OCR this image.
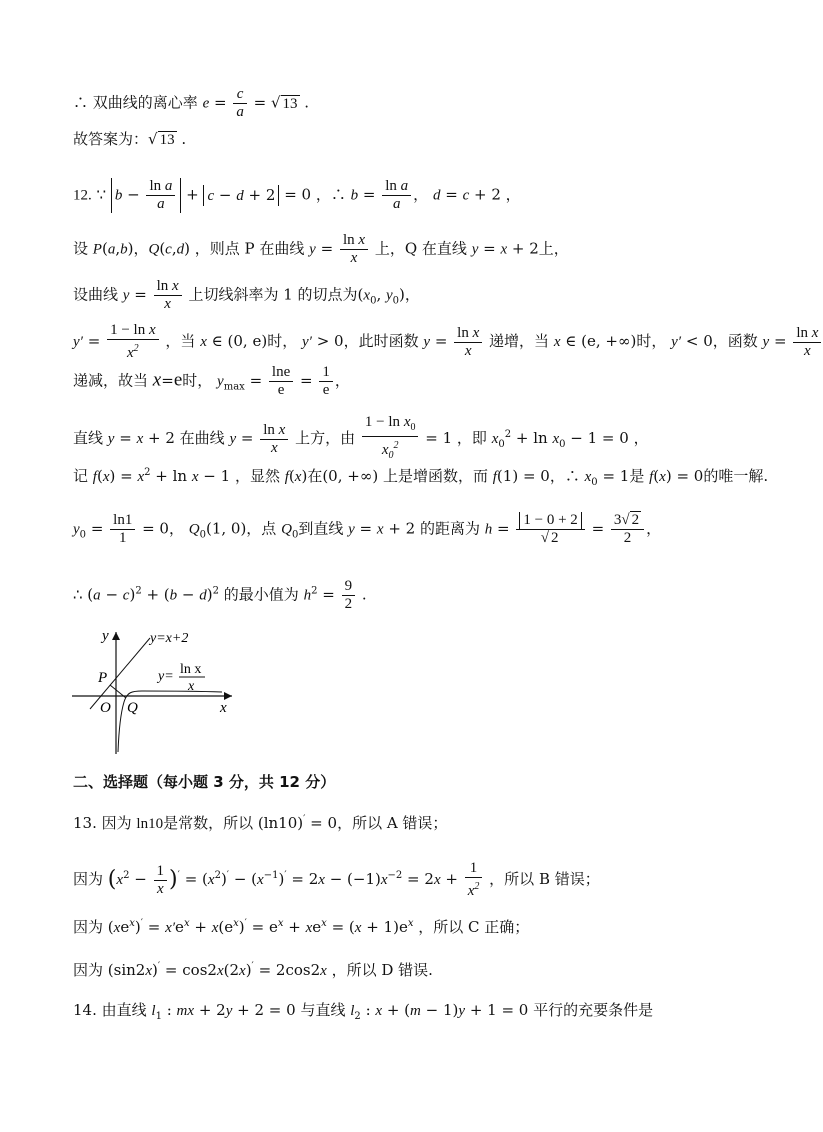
∴ 双曲线的离心率 $e = \frac{c}{a}$ = √ 13 .
故答案为：√ 13 .
12. ∵ $b - \frac{\text{ln a}}{a} + c - d + 2 = 0$ ，∴ $b = \frac{\text{ln a}}{a}$ ， d = c + 2 ，
设 P(a,b)，Q(c,d) ，则点 P 在曲线 $y = \frac{\text{ln x}}{x}$ 上，Q 在直线 y = x + 2上，
设曲线 $y = \frac{\text{ln x}}{x}$ 上切线斜率为 1 的切点为($x_0$, $y_0$)，
$y' = \frac{\text{1 − ln x}}{x^2}$ ，当 x ∈ (0, e)时， y′ > 0，此时函数 $y = \frac{\text{ln x}}{x}$ 递增，当 x ∈ (e, +∞)时， y′ < 0，函数 $y = \frac{\text{ln x}}{x}$
递减，故当 x=e时， $y_{max} = \frac{\ln e}{e} = \frac{1}{e}$ ，
直线 y = x + 2 在曲线 $y = \frac{\text{ln x}}{x}$ 上方，由 $\frac{1 - \ln x_0}{x_0^2} = 1$ ，即 $x_0^2 + \ln x_0 - 1 = 0$ ，
记 $f(x) = x^2 + \ln x - 1$ ，显然 f(x)在(0, +∞) 上是增函数，而 f(1) = 0，∴ $x_0 = 1$是 f(x) = 0的唯一解.
$y_0 = \frac{\ln 1}{1} = 0$， $Q_0(1$, 0)，点 $Q_0$到直线 y = x + 2 的距离为 $h = \frac{1 - 0 + 2}{√ 2} = \frac{3√ 2}{2}$ ，
∴ $(a - c)^2 + (b - d)^2$ 的最小值为 $h^2 = \frac{9}{2}$ .
y
x
y=x+2
y= ln x
x
P
O Q
二、选择题（每小题 3 分，共 12 分）
13. 因为 ln10是常数，所以 (ln10)′ = 0，所以 A 错误；
因为 $(x^2 - \frac{1}{x} )' = (x^2)' - (x^{-1})' = 2x - (-1)x^{-2} = 2x + \frac{1}{x^2}$ ，所以 B 错误；
因为 $(xe^x)' = x'e^x + x(e^x)' = e^x + xe^x = (x + 1)e^x$ ，所以 C 正确；
因为 (sin2x)′ = cos2x(2x)′ = 2cos2x ，所以 D 错误.
14. 由直线 $l_1$ : mx + 2y + 2 = 0 与直线 $l_2$ : x + (m − 1)y + 1 = 0 平行的充要条件是
